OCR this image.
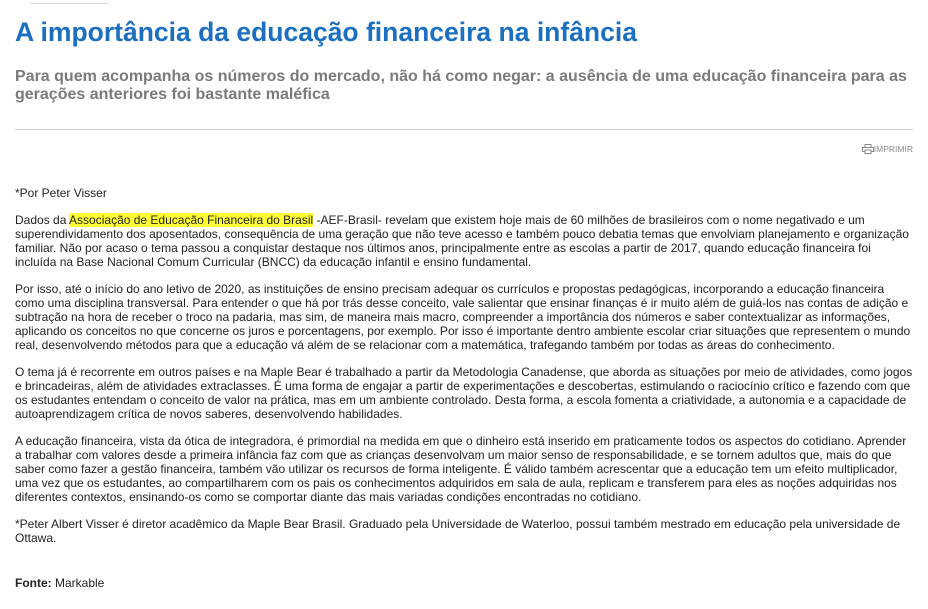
A importância da educação financeira na infância

Para quem acompanha os números do mercado, não há como negar: a ausência de uma educação financeira para as gerações anteriores foi bastante maléfica

IMPRIMIR

*Por Peter Visser

Dados da Associação de Educação Financeira do Brasil -AEF-Brasil- revelam que existem hoje mais de 60 milhões de brasileiros com o nome negativado e um superendividamento dos aposentados, consequência de uma geração que não teve acesso e também pouco debatia temas que envolviam planejamento e organização familiar. Não por acaso o tema passou a conquistar destaque nos últimos anos, principalmente entre as escolas a partir de 2017, quando educação financeira foi incluída na Base Nacional Comum Curricular (BNCC) da educação infantil e ensino fundamental.

Por isso, até o início do ano letivo de 2020, as instituições de ensino precisam adequar os currículos e propostas pedagógicas, incorporando a educação financeira como uma disciplina transversal. Para entender o que há por trás desse conceito, vale salientar que ensinar finanças é ir muito além de guiá-los nas contas de adição e subtração na hora de receber o troco na padaria, mas sim, de maneira mais macro, compreender a importância dos números e saber contextualizar as informações, aplicando os conceitos no que concerne os juros e porcentagens, por exemplo. Por isso é importante dentro ambiente escolar criar situações que representem o mundo real, desenvolvendo métodos para que a educação vá além de se relacionar com a matemática, trafegando também por todas as áreas do conhecimento.

O tema já é recorrente em outros países e na Maple Bear é trabalhado a partir da Metodologia Canadense, que aborda as situações por meio de atividades, como jogos e brincadeiras, além de atividades extraclasses. É uma forma de engajar a partir de experimentações e descobertas, estimulando o raciocínio crítico e fazendo com que os estudantes entendam o conceito de valor na prática, mas em um ambiente controlado. Desta forma, a escola fomenta a criatividade, a autonomia e a capacidade de autoaprendizagem crítica de novos saberes, desenvolvendo habilidades.

A educação financeira, vista da ótica de integradora, é primordial na medida em que o dinheiro está inserido em praticamente todos os aspectos do cotidiano. Aprender a trabalhar com valores desde a primeira infância faz com que as crianças desenvolvam um maior senso de responsabilidade, e se tornem adultos que, mais do que saber como fazer a gestão financeira, também vão utilizar os recursos de forma inteligente. É válido também acrescentar que a educação tem um efeito multiplicador, uma vez que os estudantes, ao compartilharem com os pais os conhecimentos adquiridos em sala de aula, replicam e transferem para eles as noções adquiridas nos diferentes contextos, ensinando-os como se comportar diante das mais variadas condições encontradas no cotidiano.

*Peter Albert Visser é diretor acadêmico da Maple Bear Brasil. Graduado pela Universidade de Waterloo, possui também mestrado em educação pela universidade de Ottawa.

Fonte: Markable
